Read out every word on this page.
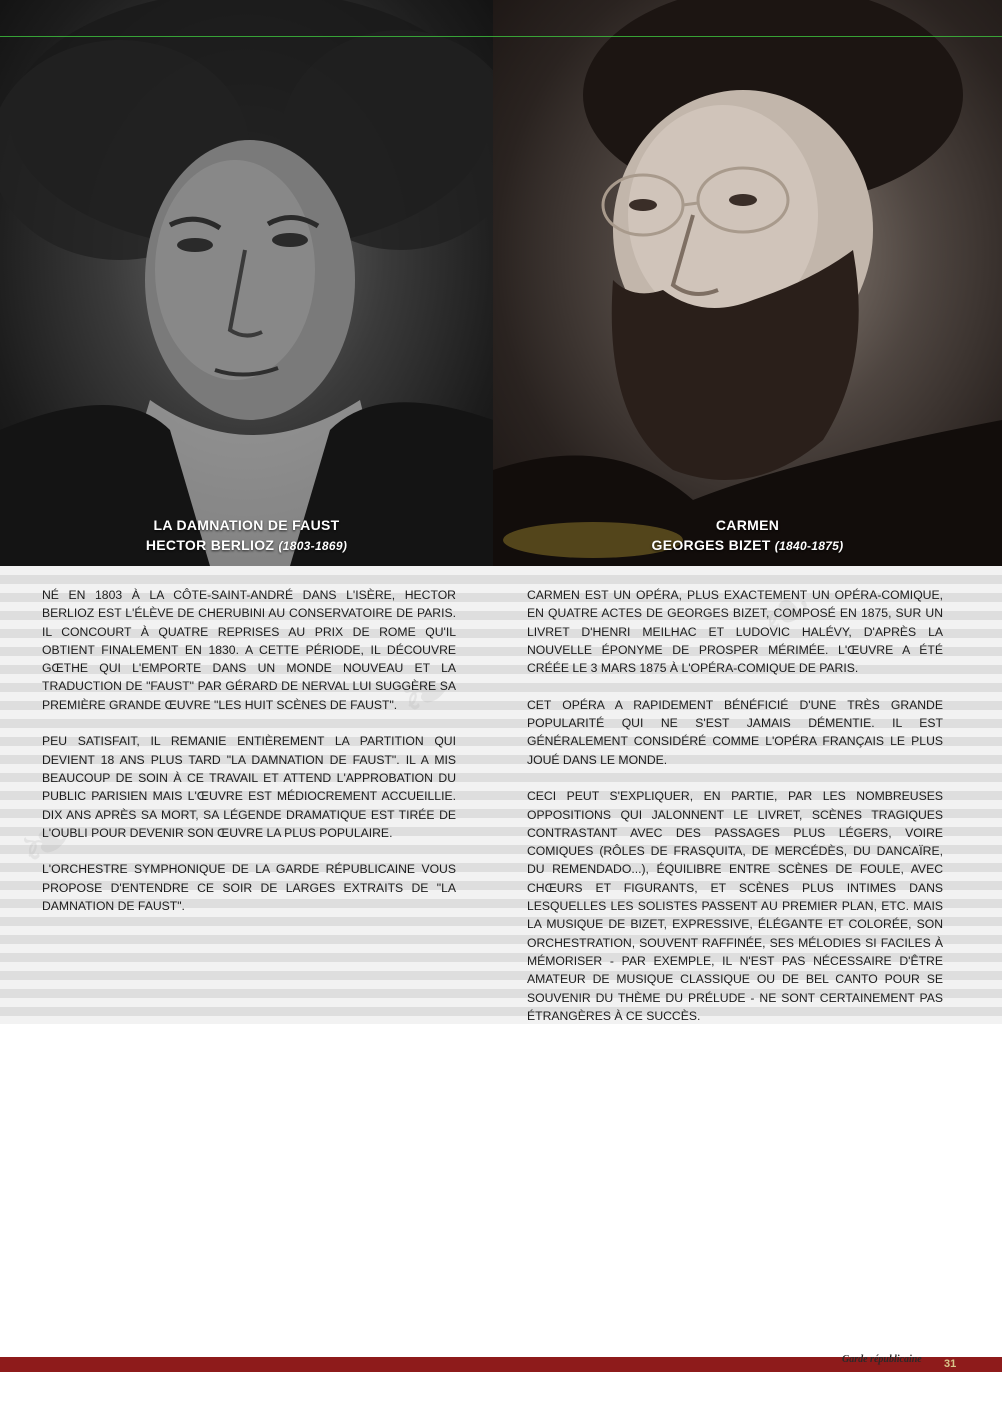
LA DAMNATION DE FAUST
HECTOR BERLIOZ (1803-1869)
CARMEN
GEORGES BIZET (1840-1875)

NÉ EN 1803 À LA CÔTE-SAINT-ANDRÉ DANS L'ISÈRE, HECTOR BERLIOZ EST L'ÉLÈVE DE CHERUBINI AU CONSERVATOIRE DE PARIS. IL CONCOURT À QUATRE REPRISES AU PRIX DE ROME QU'IL OBTIENT FINALEMENT EN 1830. A CETTE PÉRIODE, IL DÉCOUVRE GŒTHE QUI L'EMPORTE DANS UN MONDE NOUVEAU ET LA TRADUCTION DE "FAUST" PAR GÉRARD DE NERVAL LUI SUGGÈRE SA PREMIÈRE GRANDE ŒUVRE "LES HUIT SCÈNES DE FAUST".

PEU SATISFAIT, IL REMANIE ENTIÈREMENT LA PARTITION QUI DEVIENT 18 ANS PLUS TARD "LA DAMNATION DE FAUST". IL A MIS BEAUCOUP DE SOIN À CE TRAVAIL ET ATTEND L'APPROBATION DU PUBLIC PARISIEN MAIS L'ŒUVRE EST MÉDIOCREMENT ACCUEILLIE. DIX ANS APRÈS SA MORT, SA LÉGENDE DRAMATIQUE EST TIRÉE DE L'OUBLI POUR DEVENIR SON ŒUVRE LA PLUS POPULAIRE.

L'ORCHESTRE SYMPHONIQUE DE LA GARDE RÉPUBLICAINE VOUS PROPOSE D'ENTENDRE CE SOIR DE LARGES EXTRAITS DE "LA DAMNATION DE FAUST".

CARMEN EST UN OPÉRA, PLUS EXACTEMENT UN OPÉRA-COMIQUE, EN QUATRE ACTES DE GEORGES BIZET, COMPOSÉ EN 1875, SUR UN LIVRET D'HENRI MEILHAC ET LUDOVIC HALÉVY, D'APRÈS LA NOUVELLE ÉPONYME DE PROSPER MÉRIMÉE. L'ŒUVRE A ÉTÉ CRÉÉE LE 3 MARS 1875 À L'OPÉRA-COMIQUE DE PARIS.

CET OPÉRA A RAPIDEMENT BÉNÉFICIÉ D'UNE TRÈS GRANDE POPULARITÉ QUI NE S'EST JAMAIS DÉMENTIE. IL EST GÉNÉRALEMENT CONSIDÉRÉ COMME L'OPÉRA FRANÇAIS LE PLUS JOUÉ DANS LE MONDE.

CECI PEUT S'EXPLIQUER, EN PARTIE, PAR LES NOMBREUSES OPPOSITIONS QUI JALONNENT LE LIVRET, SCÈNES TRAGIQUES CONTRASTANT AVEC DES PASSAGES PLUS LÉGERS, VOIRE COMIQUES (RÔLES DE FRASQUITA, DE MERCÉDÈS, DU DANCAÏRE, DU REMENDADO...), ÉQUILIBRE ENTRE SCÈNES DE FOULE, AVEC CHŒURS ET FIGURANTS, ET SCÈNES PLUS INTIMES DANS LESQUELLES LES SOLISTES PASSENT AU PREMIER PLAN, ETC. MAIS LA MUSIQUE DE BIZET, EXPRESSIVE, ÉLÉGANTE ET COLORÉE, SON ORCHESTRATION, SOUVENT RAFFINÉE, SES MÉLODIES SI FACILES À MÉMORISER - PAR EXEMPLE, IL N'EST PAS NÉCESSAIRE D'ÊTRE AMATEUR DE MUSIQUE CLASSIQUE OU DE BEL CANTO POUR SE SOUVENIR DU THÈME DU PRÉLUDE - NE SONT CERTAINEMENT PAS ÉTRANGÈRES À CE SUCCÈS.

Garde républicaine 31
